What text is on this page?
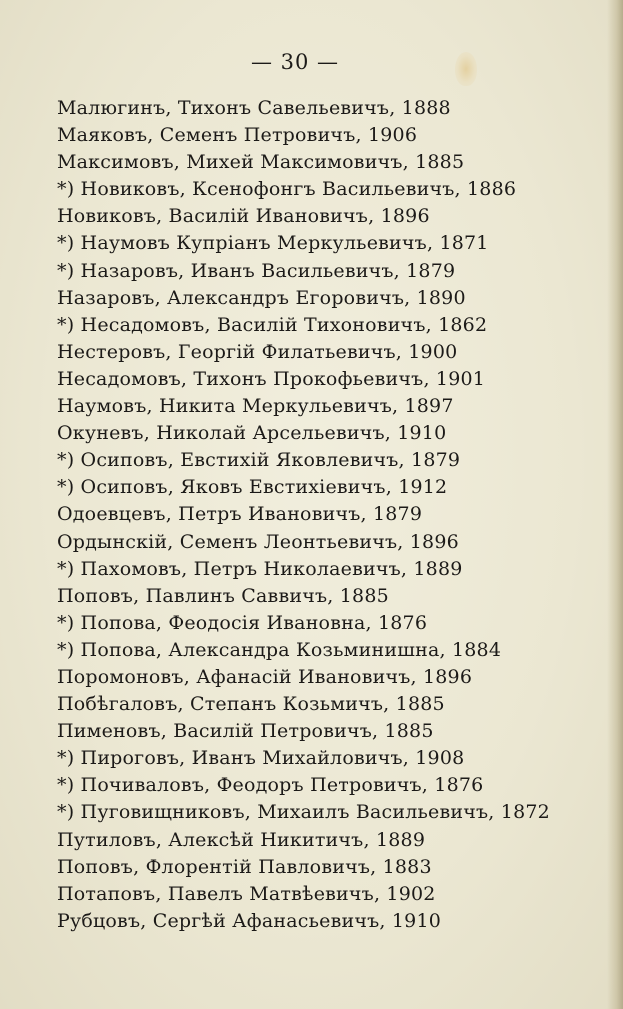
— 30 —
Малюгинъ, Тихонъ Савельевичъ, 1888
Маяковъ, Семенъ Петровичъ, 1906
Максимовъ, Михей Максимовичъ, 1885
*) Новиковъ, Ксенофонгъ Васильевичъ, 1886
Новиковъ, Василій Ивановичъ, 1896
*) Наумовъ Купріанъ Меркульевичъ, 1871
*) Назаровъ, Иванъ Васильевичъ, 1879
Назаровъ, Александръ Егоровичъ, 1890
*) Несадомовъ, Василій Тихоновичъ, 1862
Нестеровъ, Георгій Филатьевичъ, 1900
Несадомовъ, Тихонъ Прокофьевичъ, 1901
Наумовъ, Никита Меркульевичъ, 1897
Окуневъ, Николай Арсельевичъ, 1910
*) Осиповъ, Евстихій Яковлевичъ, 1879
*) Осиповъ, Яковъ Евстихіевичъ, 1912
Одоевцевъ, Петръ Ивановичъ, 1879
Ордынскій, Семенъ Леонтьевичъ, 1896
*) Пахомовъ, Петръ Николаевичъ, 1889
Поповъ, Павлинъ Саввичъ, 1885
*) Попова, Феодосія Ивановна, 1876
*) Попова, Александра Козьминишна, 1884
Поромоновъ, Афанасій Ивановичъ, 1896
Побѣгаловъ, Степанъ Козьмичъ, 1885
Пименовъ, Василій Петровичъ, 1885
*) Пироговъ, Иванъ Михайловичъ, 1908
*) Почиваловъ, Феодоръ Петровичъ, 1876
*) Пуговищниковъ, Михаилъ Васильевичъ, 1872
Путиловъ, Алексѣй Никитичъ, 1889
Поповъ, Флорентій Павловичъ, 1883
Потаповъ, Павелъ Матвѣевичъ, 1902
Рубцовъ, Сергѣй Афанасьевичъ, 1910
